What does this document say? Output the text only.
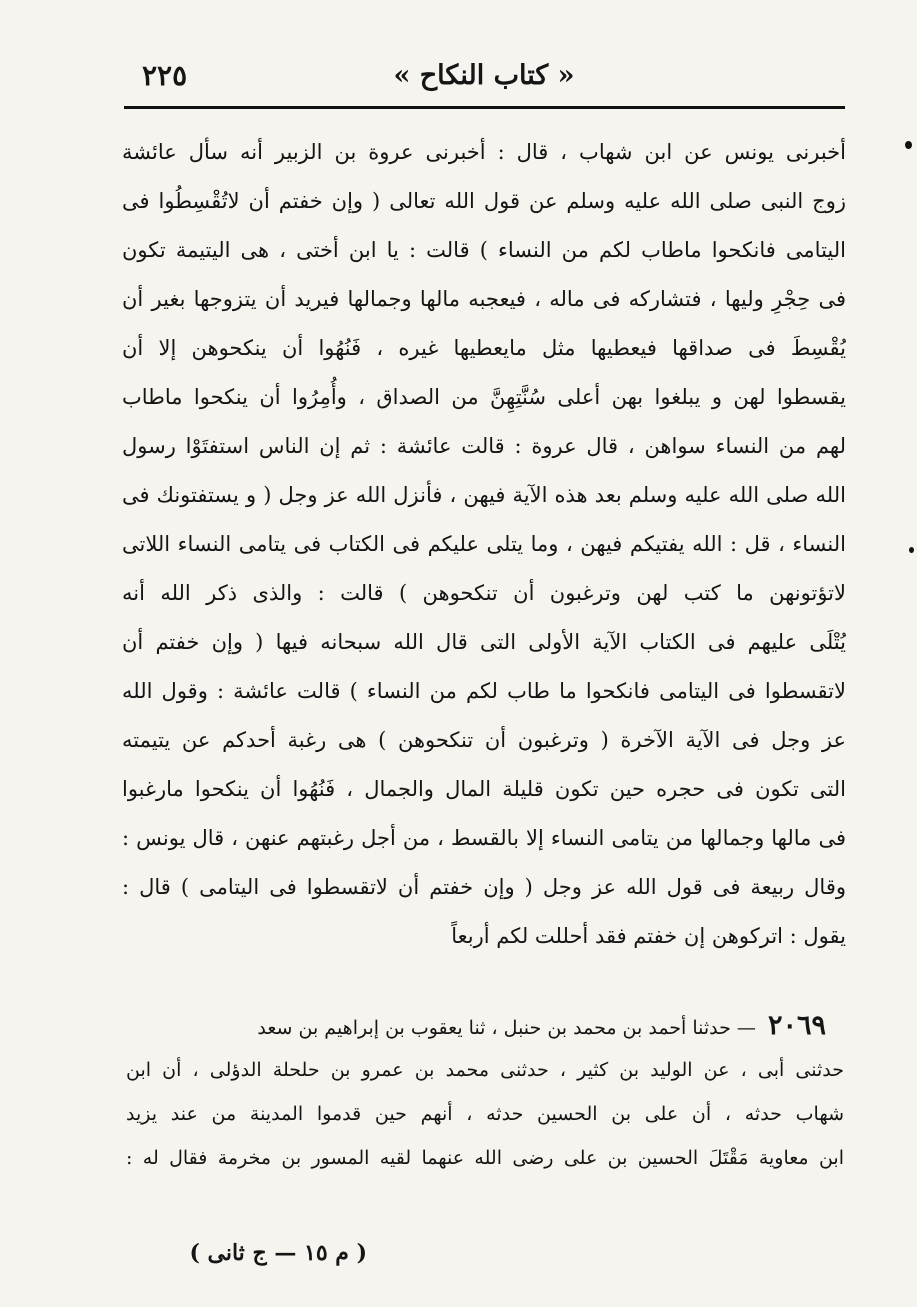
« كتاب النكاح »
٢٢٥
أخبرنى يونس عن ابن شهاب ، قال : أخبرنى عروة بن الزبير أنه سأل عائشة
زوج النبى صلى الله عليه وسلم عن قول الله تعالى ( وإن خفتم أن لاتُقْسِطُوا فى
اليتامى فانكحوا ماطاب لكم من النساء ) قالت : يا ابن أختى ، هى اليتيمة تكون
فى حِجْرِ وليها ، فتشاركه فى ماله ، فيعجبه مالها وجمالها فيريد أن يتزوجها بغير أن
يُقْسِطَ فى صداقها فيعطيها مثل مايعطيها غيره ، فَنُهُوا أن ينكحوهن إلا أن
يقسطوا لهن و يبلغوا بهن أعلى سُنَّتِهِنَّ من الصداق ، وأُمِرُوا أن ينكحوا ماطاب
لهم من النساء سواهن ، قال عروة : قالت عائشة : ثم إن الناس استفتَوْا رسول
الله صلى الله عليه وسلم بعد هذه الآية فيهن ، فأنزل الله عز وجل ( و يستفتونك فى
النساء ، قل : الله يفتيكم فيهن ، وما يتلى عليكم فى الكتاب فى يتامى النساء اللاتى
لاتؤتونهن ما كتب لهن وترغبون أن تنكحوهن ) قالت : والذى ذكر الله أنه
يُتْلَى عليهم فى الكتاب الآية الأولى التى قال الله سبحانه فيها ( وإن خفتم أن
لاتقسطوا فى اليتامى فانكحوا ما طاب لكم من النساء ) قالت عائشة : وقول الله
عز وجل فى الآية الآخرة ( وترغبون أن تنكحوهن ) هى رغبة أحدكم عن يتيمته
التى تكون فى حجره حين تكون قليلة المال والجمال ، فَنُهُوا أن ينكحوا مارغبوا
فى مالها وجمالها من يتامى النساء إلا بالقسط ، من أجل رغبتهم عنهن ، قال يونس :
وقال ربيعة فى قول الله عز وجل ( وإن خفتم أن لاتقسطوا فى اليتامى ) قال :
يقول : اتركوهن إن خفتم فقد أحللت لكم أربعاً
٢٠٦٩ — حدثنا أحمد بن محمد بن حنبل ، ثنا يعقوب بن إبراهيم بن سعد
حدثنى أبى ، عن الوليد بن كثير ، حدثنى محمد بن عمرو بن حلحلة الدؤلى ، أن ابن
شهاب حدثه ، أن على بن الحسين حدثه ، أنهم حين قدموا المدينة من عند يزيد
ابن معاوية مَقْتَلَ الحسين بن على رضى الله عنهما لقيه المسور بن مخرمة فقال له :
( م ١٥ — ج ثانى )
